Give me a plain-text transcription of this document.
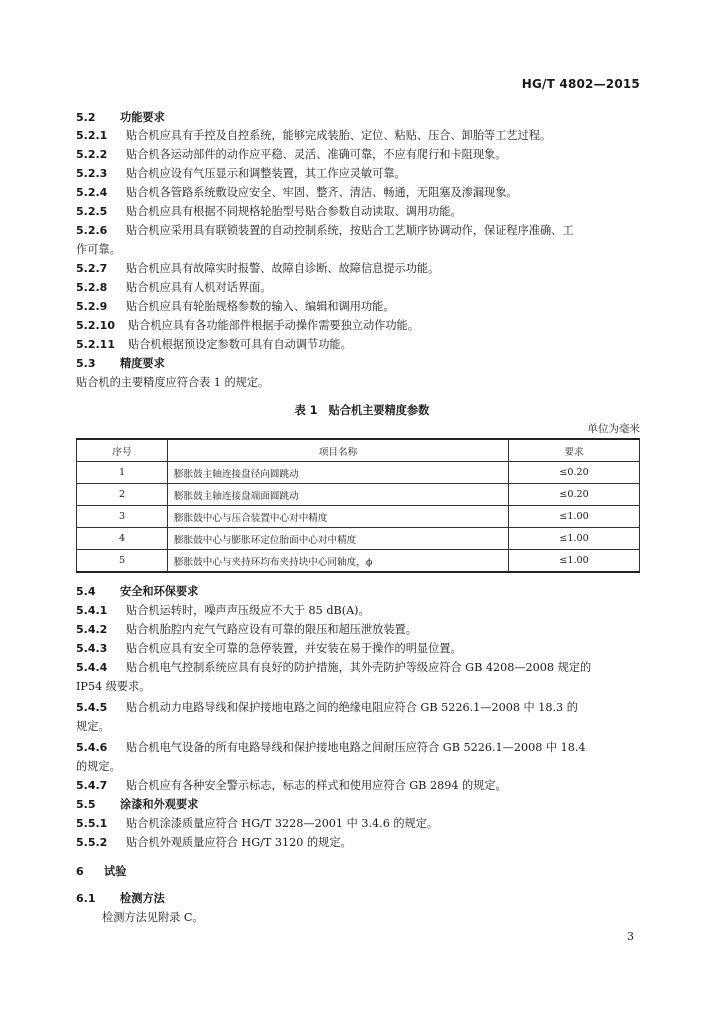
HG/T 4802—2015
5.2 功能要求
5.2.1 贴合机应具有手控及自控系统，能够完成装胎、定位、粘贴、压合、卸胎等工艺过程。
5.2.2 贴合机各运动部件的动作应平稳、灵活、准确可靠，不应有爬行和卡阻现象。
5.2.3 贴合机应设有气压显示和调整装置，其工作应灵敏可靠。
5.2.4 贴合机各管路系统敷设应安全、牢固、整齐、清洁、畅通，无阻塞及渗漏现象。
5.2.5 贴合机应具有根据不同规格轮胎型号贴合参数自动读取、调用功能。
5.2.6 贴合机应采用具有联锁装置的自动控制系统，按贴合工艺顺序协调动作，保证程序准确、工
作可靠。
5.2.7 贴合机应具有故障实时报警、故障自诊断、故障信息提示功能。
5.2.8 贴合机应具有人机对话界面。
5.2.9 贴合机应具有轮胎规格参数的输入、编辑和调用功能。
5.2.10 贴合机应具有各功能部件根据手动操作需要独立动作功能。
5.2.11 贴合机根据预设定参数可具有自动调节功能。
5.3 精度要求
贴合机的主要精度应符合表 1 的规定。
表 1　贴合机主要精度参数
单位为毫米
序号	项目名称	要求
1	膨胀鼓主轴连接盘径向圆跳动	≤0.20
2	膨胀鼓主轴连接盘端面圆跳动	≤0.20
3	膨胀鼓中心与压合装置中心对中精度	≤1.00
4	膨胀鼓中心与膨胀环定位胎面中心对中精度	≤1.00
5	膨胀鼓中心与夹持环均布夹持块中心同轴度，ϕ	≤1.00
5.4 安全和环保要求
5.4.1 贴合机运转时，噪声声压级应不大于 85 dB(A)。
5.4.2 贴合机胎腔内充气气路应设有可靠的限压和超压泄放装置。
5.4.3 贴合机应具有安全可靠的急停装置，并安装在易于操作的明显位置。
5.4.4 贴合机电气控制系统应具有良好的防护措施，其外壳防护等级应符合 GB 4208—2008 规定的
IP54 级要求。
5.4.5 贴合机动力电路导线和保护接地电路之间的绝缘电阻应符合 GB 5226.1—2008 中 18.3 的
规定。
5.4.6 贴合机电气设备的所有电路导线和保护接地电路之间耐压应符合 GB 5226.1—2008 中 18.4
的规定。
5.4.7 贴合机应有各种安全警示标志，标志的样式和使用应符合 GB 2894 的规定。
5.5 涂漆和外观要求
5.5.1 贴合机涂漆质量应符合 HG/T 3228—2001 中 3.4.6 的规定。
5.5.2 贴合机外观质量应符合 HG/T 3120 的规定。
6 试验
6.1 检测方法
检测方法见附录 C。
3
